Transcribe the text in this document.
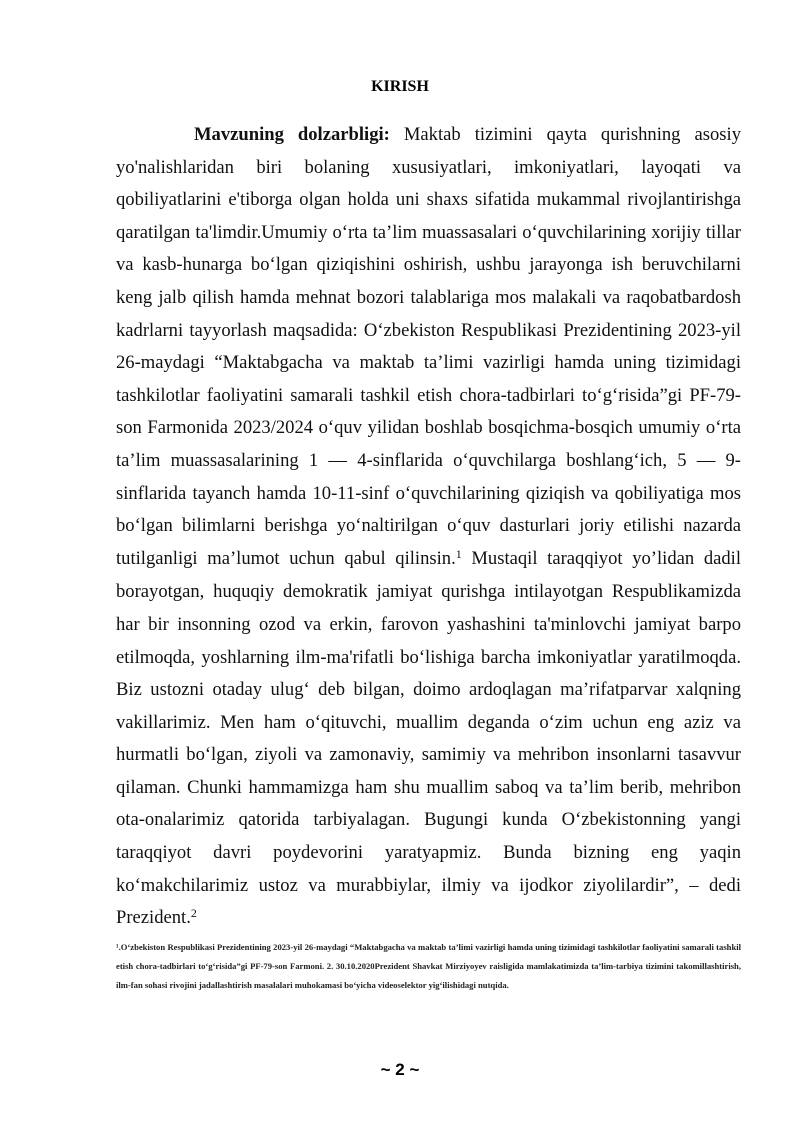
KIRISH

Mavzuning dolzarbligi: Maktab tizimini qayta qurishning asosiy yo'nalishlaridan biri bolaning xususiyatlari, imkoniyatlari, layoqati va qobiliyatlarini e'tiborga olgan holda uni shaxs sifatida mukammal rivojlantirishga qaratilgan ta'limdir.Umumiy o‘rta ta’lim muassasalari o‘quvchilarining xorijiy tillar va kasb-hunarga bo‘lgan qiziqishini oshirish, ushbu jarayonga ish beruvchilarni keng jalb qilish hamda mehnat bozori talablariga mos malakali va raqobatbardosh kadrlarni tayyorlash maqsadida: O‘zbekiston Respublikasi Prezidentining 2023-yil 26-maydagi “Maktabgacha va maktab ta’limi vazirligi hamda uning tizimidagi tashkilotlar faoliyatini samarali tashkil etish chora-tadbirlari to‘g‘risida”gi PF-79-son Farmonida 2023/2024 o‘quv yilidan boshlab bosqichma-bosqich umumiy o‘rta ta’lim muassasalarining 1 — 4-sinflarida o‘quvchilarga boshlang‘ich, 5 — 9-sinflarida tayanch hamda 10-11-sinf o‘quvchilarining qiziqish va qobiliyatiga mos bo‘lgan bilimlarni berishga yo‘naltirilgan o‘quv dasturlari joriy etilishi nazarda tutilganligi ma’lumot uchun qabul qilinsin.$^1$ Mustaqil taraqqiyot yo’lidan dadil borayotgan, huquqiy demokratik jamiyat qurishga intilayotgan Respublikamizda har bir insonning ozod va erkin, farovon yashashini ta'minlovchi jamiyat barpo etilmoqda, yoshlarning ilm-ma'rifatli bo‘lishiga barcha imkoniyatlar yaratilmoqda. Biz ustozni otaday ulug‘ deb bilgan, doimo ardoqlagan ma’rifatparvar xalqning vakillarimiz. Men ham o‘qituvchi, muallim deganda o‘zim uchun eng aziz va hurmatli bo‘lgan, ziyoli va zamonaviy, samimiy va mehribon insonlarni tasavvur qilaman. Chunki hammamizga ham shu muallim saboq va ta’lim berib, mehribon ota-onalarimiz qatorida tarbiyalagan. Bugungi kunda O‘zbekistonning yangi taraqqiyot davri poydevorini yaratyapmiz. Bunda bizning eng yaqin ko‘makchilarimiz ustoz va murabbiylar, ilmiy va ijodkor ziyolilardir”, – dedi Prezident.$^2$

¹.O‘zbekiston Respublikasi Prezidentining 2023-yil 26-maydagi “Maktabgacha va maktab ta’limi vazirligi hamda uning tizimidagi tashkilotlar faoliyatini samarali tashkil etish chora-tadbirlari to‘g‘risida”gi PF-79-son Farmoni. 2. 30.10.2020Prezident Shavkat Mirziyoyev raisligida mamlakatimizda ta’lim-tarbiya tizimini takomillashtirish, ilm-fan sohasi rivojini jadallashtirish masalalari muhokamasi bo‘yicha videoselektor yig‘ilishidagi nutqida.

~ 2 ~
